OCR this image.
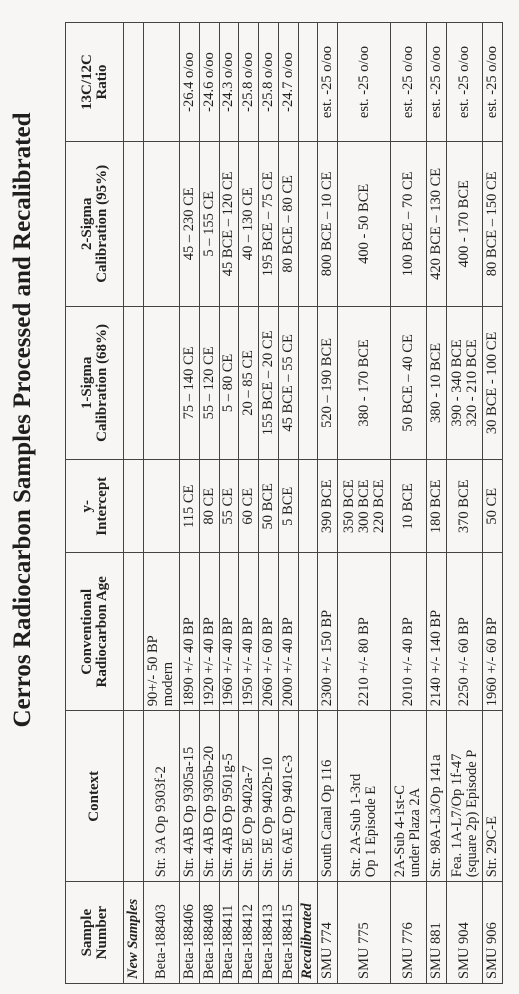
Cerros Radiocarbon Samples Processed and Recalibrated
Sample Number	Context	Conventional Radiocarbon Age	y- Intercept	1-Sigma Calibration (68%)	2-Sigma Calibration (95%)	13C/12C Ratio

New Samples						
Beta-188403	Str. 3A Op 9303f-2	90+/- 50 BP modern				

Beta-188406	Str. 4AB Op 9305a-15	1890 +/- 40 BP	115 CE	75 – 140 CE	45 – 230 CE	-26.4 o/oo

Beta-188408	Str. 4AB Op 9305b-20	1920 +/- 40 BP	80 CE	55 – 120 CE	5 – 155 CE	-24.6 o/oo

Beta-188411	Str. 4AB Op 9501g-5	1960 +/- 40 BP	55 CE	5 – 80 CE	45 BCE – 120 CE	-24.3 o/oo

Beta-188412	Str. 5E Op 9402a-7	1950 +/- 40 BP	60 CE	20 – 85 CE	40 – 130 CE	-25.8 o/oo

Beta-188413	Str. 5E Op 9402b-10	2060 +/- 60 BP	50 BCE	155 BCE – 20 CE	195 BCE – 75 CE	-25.8 o/oo

Beta-188415	Str. 6AE Op 9401c-3	2000 +/- 40 BP	5 BCE	45 BCE – 55 CE	80 BCE – 80 CE	-24.7 o/oo

Recalibrated						
SMU 774	South Canal Op 116	2300 +/- 150 BP	390 BCE	520 – 190 BCE	800 BCE – 10 CE	est. -25 o/oo

SMU 775	Str. 2A-Sub 1-3rd Op 1 Episode E	2210 +/- 80 BP	350 BCE 300 BCE 220 BCE	380 - 170 BCE	400 - 50 BCE	est. -25 o/oo

SMU 776	2A-Sub 4-1st-C under Plaza 2A	2010 +/- 40 BP	10 BCE	50 BCE – 40 CE	100 BCE – 70 CE	est. -25 o/oo

SMU 881	Str. 98A-L3/Op 141a	2140 +/- 140 BP	180 BCE	380 - 10 BCE	420 BCE – 130 CE	est. -25 o/oo

SMU 904	Fea. 1A-L7/Op 1f-47 (square 2p) Episode P	2250 +/- 60 BP	370 BCE	390 - 340 BCE 320 - 210 BCE	400 - 170 BCE	est. -25 o/oo

SMU 906	Str. 29C-E	1960 +/- 60 BP	50 CE	30 BCE - 100 CE	80 BCE – 150 CE	est. -25 o/oo
